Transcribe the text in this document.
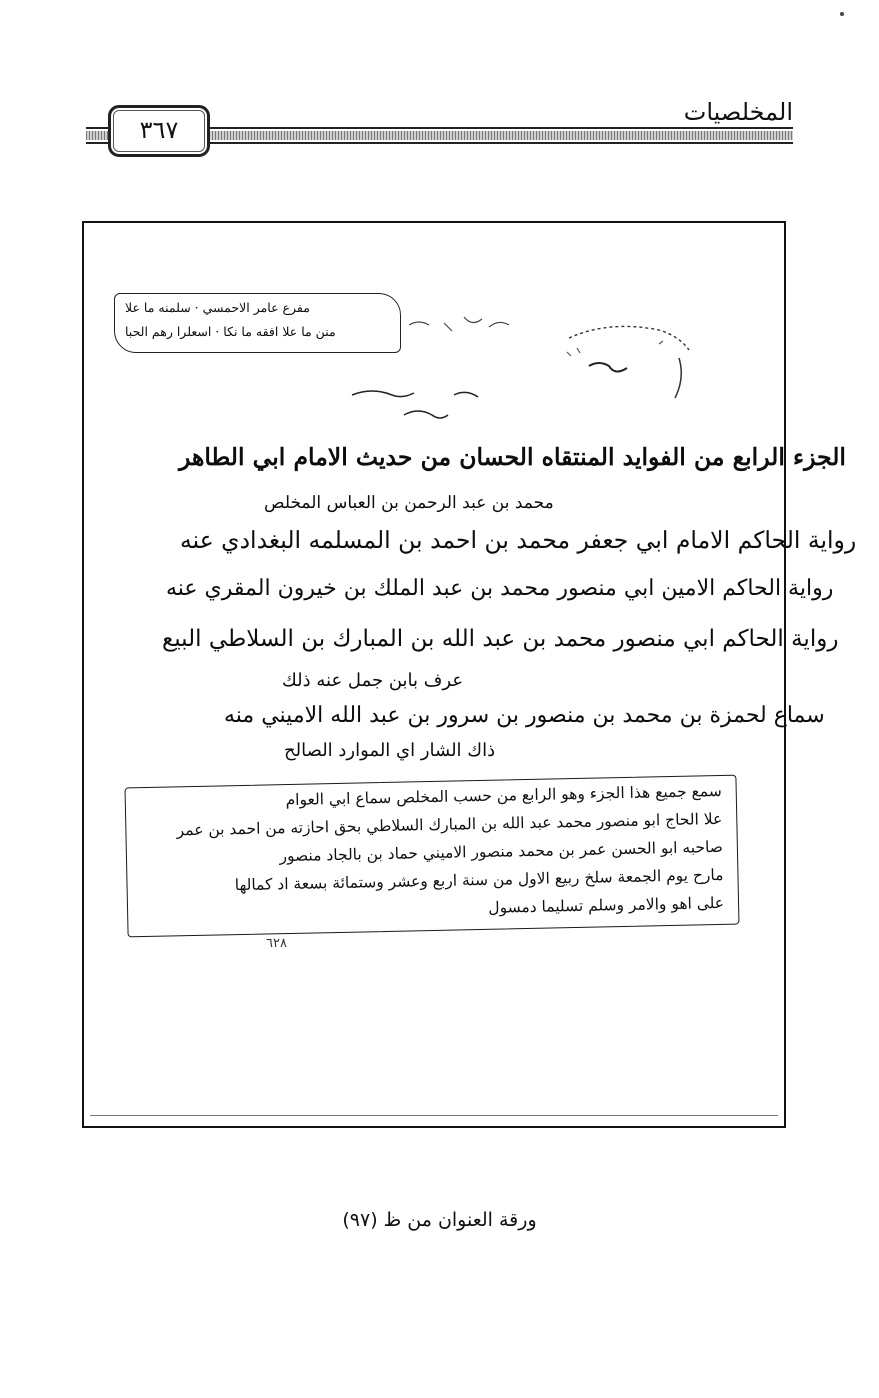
المخلصيات
٣٦٧
مفرع عامر الاحمسي · سلمنه ما علا
منن ما علا افقه ما نكا · اسعلرا رهم الحبا
الجزء الرابع من الفوايد المنتقاه الحسان من حديث الامام ابي الطاهر
محمد بن عبد الرحمن بن العباس المخلص
رواية الحاكم الامام ابي جعفر محمد بن احمد بن المسلمه البغدادي عنه
رواية الحاكم الامين ابي منصور محمد بن عبد الملك بن خيرون المقري عنه
رواية الحاكم ابي منصور محمد بن عبد الله بن المبارك بن السلاطي البيع
عرف بابن جمل عنه ذلك
سماع لحمزة بن محمد بن منصور بن سرور بن عبد الله الاميني منه
ذاك الشار اي الموارد الصالح
سمع جميع هذا الجزء وهو الرابع من حسب المخلص سماع ابي العوام
علا الحاج ابو منصور محمد عبد الله بن المبارك السلاطي بحق احازته من احمد بن عمر
صاحبه ابو الحسن عمر بن محمد منصور الاميني حماد بن بالجاد منصور
مارح يوم الجمعة سلخ ربيع الاول من سنة اربع وعشر وستمائة بسعة اد كمالها
على اهو والامر وسلم تسليما دمسول
٦٢٨
ورقة العنوان من ظ (٩٧)
